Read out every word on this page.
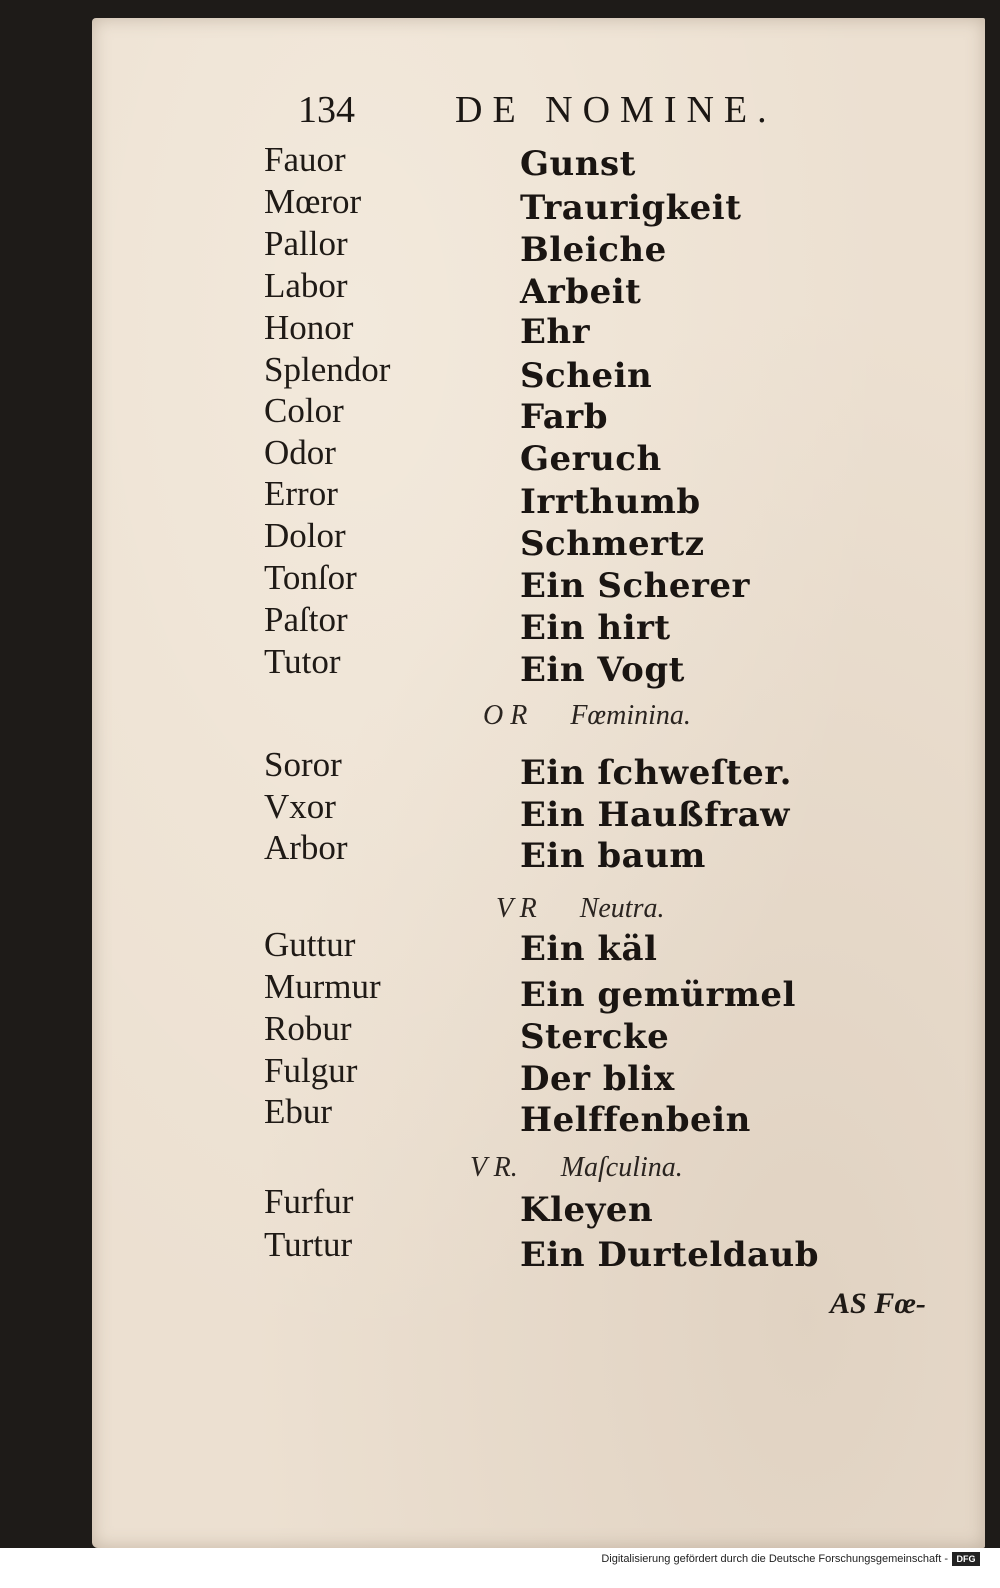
134	DE NOMINE.
Fauor	Gunst
Mœror	Traurigkeit
Pallor	Bleiche
Labor	Arbeit
Honor	Ehr
Splendor	Schein
Color	Farb
Odor	Geruch
Error	Irrthumb
Dolor	Schmertz
Tonſor	Ein Scherer
Paſtor	Ein hirt
Tutor	Ein Vogt
O R Fœminina.
Soror	Ein ſchweſter.
Vxor	Ein Haußfraw
Arbor	Ein baum
V R Neutra.
Guttur	Ein käl
Murmur	Ein gemürmel
Robur	Stercke
Fulgur	Der blix
Ebur	Helffenbein
V R. Maſculina.
Furfur	Kleyen
Turtur	Ein Durteldaub
AS Fœ-
Digitalisierung gefördert durch die Deutsche Forschungsgemeinschaft - DFG
